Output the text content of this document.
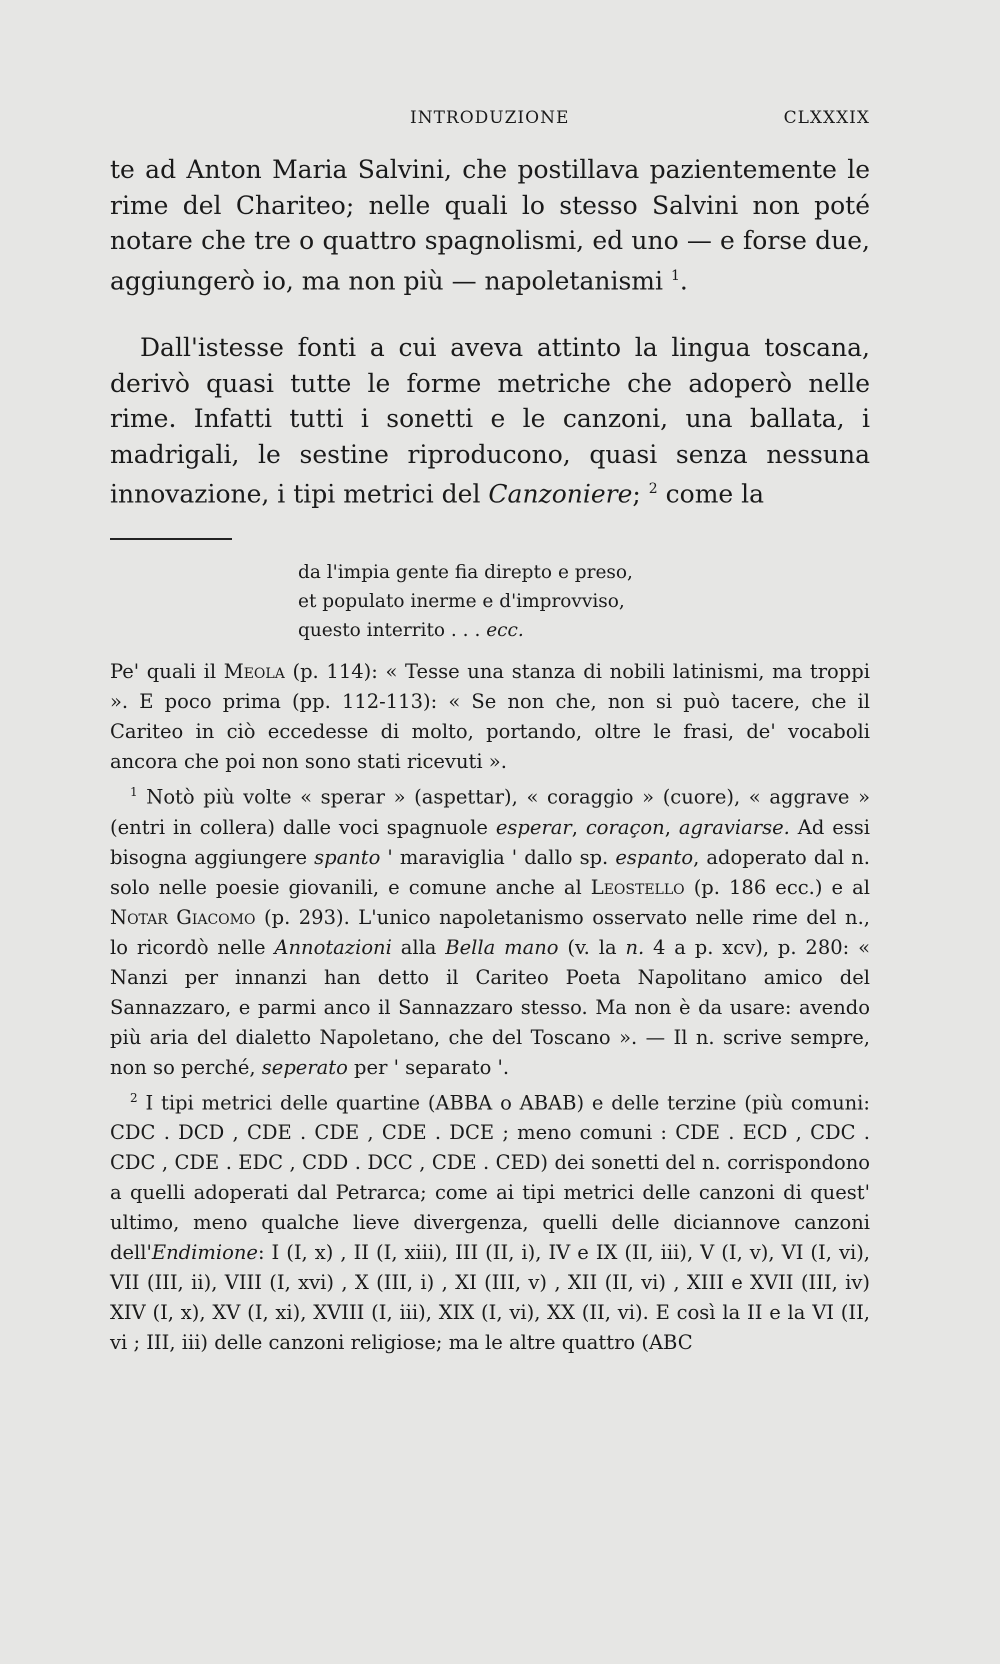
INTRODUZIONE	CLXXXIX

te ad Anton Maria Salvini, che postillava pazientemente le rime del Chariteo; nelle quali lo stesso Salvini non poté notare che tre o quattro spagnolismi, ed uno — e forse due, aggiungerò io, ma non più — napoletanismi $^1$.

Dall'istesse fonti a cui aveva attinto la lingua toscana, derivò quasi tutte le forme metriche che adoperò nelle rime. Infatti tutti i sonetti e le canzoni, una ballata, i madrigali, le sestine riproducono, quasi senza nessuna innovazione, i tipi metrici del Canzoniere; $^2$ come la

da l'impia gente fia direpto e preso,
et populato inerme e d'improvviso,
questo interrito . . . ecc.

Pe' quali il Meola (p. 114): « Tesse una stanza di nobili latinismi, ma troppi ». E poco prima (pp. 112-113): « Se non che, non si può tacere, che il Cariteo in ciò eccedesse di molto, portando, oltre le frasi, de' vocaboli ancora che poi non sono stati ricevuti ».

$^1$ Notò più volte « sperar » (aspettar), « coraggio » (cuore), « aggrave » (entri in collera) dalle voci spagnuole esperar, coraçon, agraviarse. Ad essi bisogna aggiungere spanto ' maraviglia ' dallo sp. espanto, adoperato dal n. solo nelle poesie giovanili, e comune anche al Leostello (p. 186 ecc.) e al Notar Giacomo (p. 293). L'unico napoletanismo osservato nelle rime del n., lo ricordò nelle Annotazioni alla Bella mano (v. la n. 4 a p. xcv), p. 280: « Nanzi per innanzi han detto il Cariteo Poeta Napolitano amico del Sannazzaro, e parmi anco il Sannazzaro stesso. Ma non è da usare: avendo più aria del dialetto Napoletano, che del Toscano ». — Il n. scrive sempre, non so perché, seperato per ' separato '.

$^2$ I tipi metrici delle quartine (ABBA o ABAB) e delle terzine (più comuni: CDC . DCD , CDE . CDE , CDE . DCE ; meno comuni : CDE . ECD , CDC . CDC , CDE . EDC , CDD . DCC , CDE . CED) dei sonetti del n. corrispondono a quelli adoperati dal Petrarca; come ai tipi metrici delle canzoni di quest' ultimo, meno qualche lieve divergenza, quelli delle diciannove canzoni dell'Endimione: I (I, x) , II (I, xiii), III (II, i), IV e IX (II, iii), V (I, v), VI (I, vi), VII (III, ii), VIII (I, xvi) , X (III, i) , XI (III, v) , XII (II, vi) , XIII e XVII (III, iv) XIV (I, x), XV (I, xi), XVIII (I, iii), XIX (I, vi), XX (II, vi). E così la II e la VI (II, vi ; III, iii) delle canzoni religiose; ma le altre quattro (ABC
